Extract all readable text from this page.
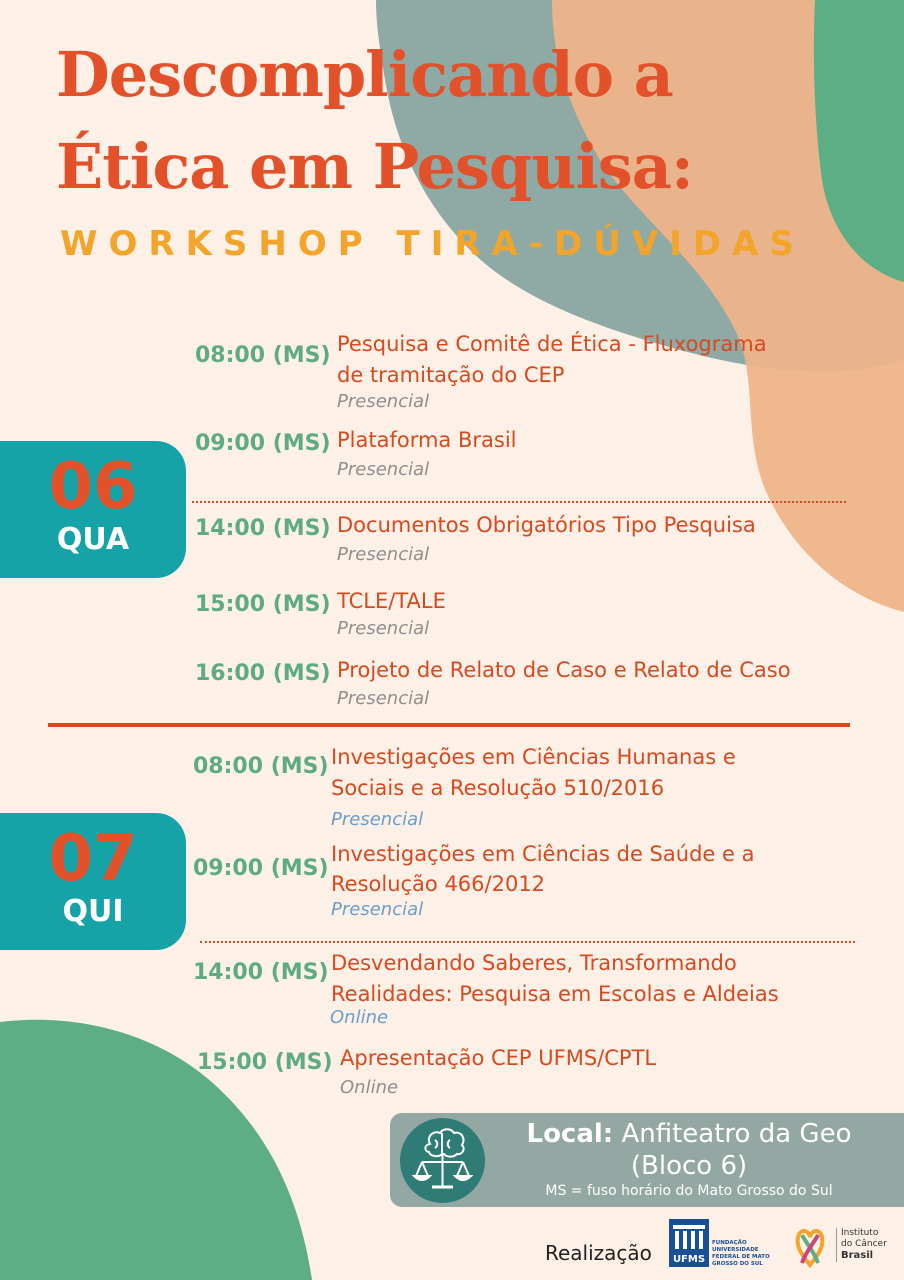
Descomplicando a
Ética em Pesquisa:
WORKSHOP TIRA-DÚVIDAS
06
QUA
08:00 (MS) Pesquisa e Comitê de Ética - Fluxograma
de tramitação do CEP
Presencial
09:00 (MS) Plataforma Brasil
Presencial
14:00 (MS) Documentos Obrigatórios Tipo Pesquisa
Presencial
15:00 (MS) TCLE/TALE
Presencial
16:00 (MS) Projeto de Relato de Caso e Relato de Caso
Presencial
07
QUI
08:00 (MS) Investigações em Ciências Humanas e
Sociais e a Resolução 510/2016
Presencial
09:00 (MS)
Investigações em Ciências de Saúde e a
Resolução 466/2012
Presencial
14:00 (MS) Desvendando Saberes, Transformando
Realidades: Pesquisa em Escolas e Aldeias
Online
15:00 (MS) Apresentação CEP UFMS/CPTL
Online
Local: Anfiteatro da Geo
(Bloco 6)
MS = fuso horário do Mato Grosso do Sul
Realização UFMS
FUNDAÇÃO UNIVERSIDADE FEDERAL DE MATO GROSSO DO SUL
Instituto
do Câncer
Brasil
